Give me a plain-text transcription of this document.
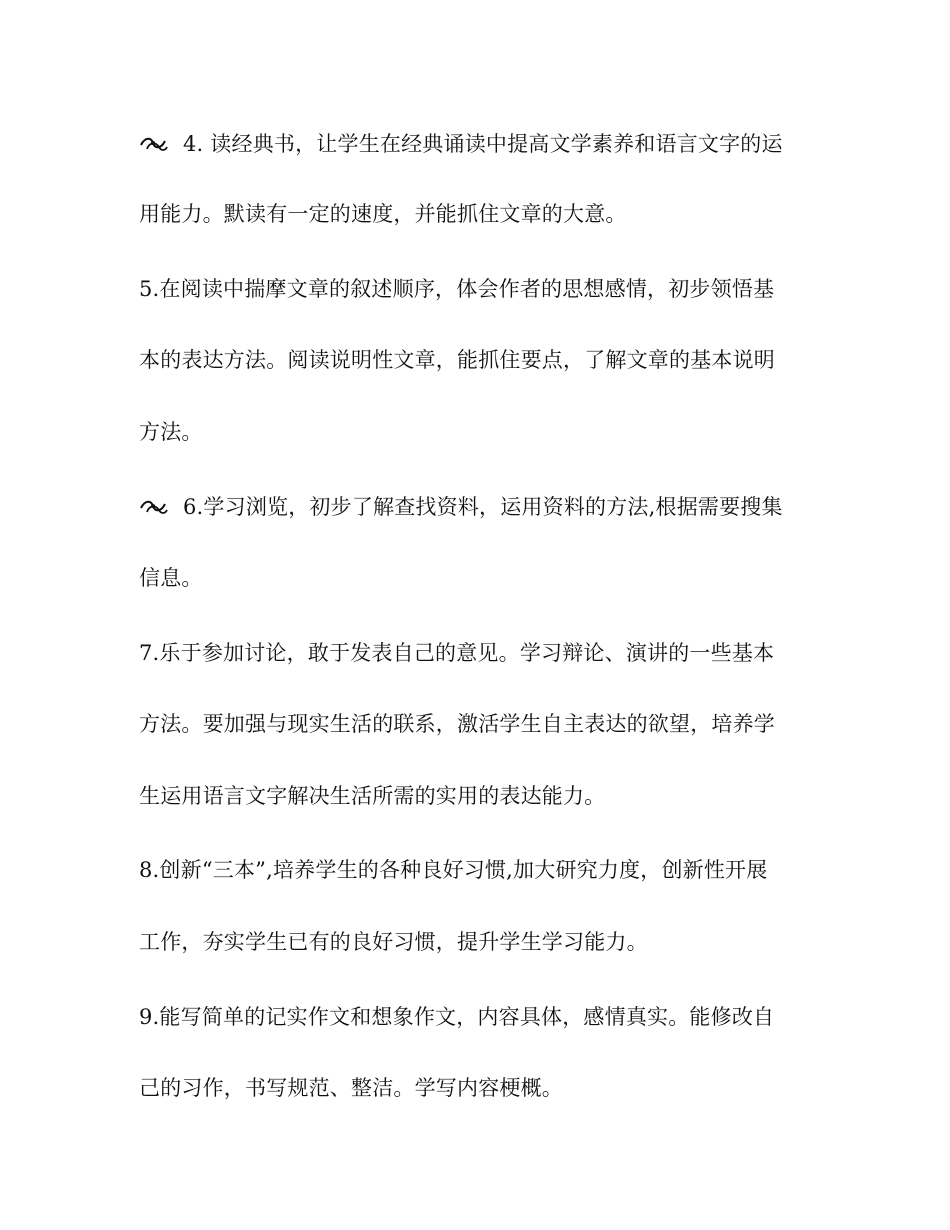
4. 读经典书，让学生在经典诵读中提高文学素养和语言文字的运
用能力。默读有一定的速度，并能抓住文章的大意。
5.在阅读中揣摩文章的叙述顺序，体会作者的思想感情，初步领悟基
本的表达方法。阅读说明性文章，能抓住要点，了解文章的基本说明
方法。
6.学习浏览，初步了解查找资料，运用资料的方法,根据需要搜集
信息。
7.乐于参加讨论，敢于发表自己的意见。学习辩论、演讲的一些基本
方法。要加强与现实生活的联系，激活学生自主表达的欲望，培养学
生运用语言文字解决生活所需的实用的表达能力。
8.创新“三本”,培养学生的各种良好习惯,加大研究力度，创新性开展
工作，夯实学生已有的良好习惯，提升学生学习能力。
9.能写简单的记实作文和想象作文，内容具体，感情真实。能修改自
己的习作，书写规范、整洁。学写内容梗概。
